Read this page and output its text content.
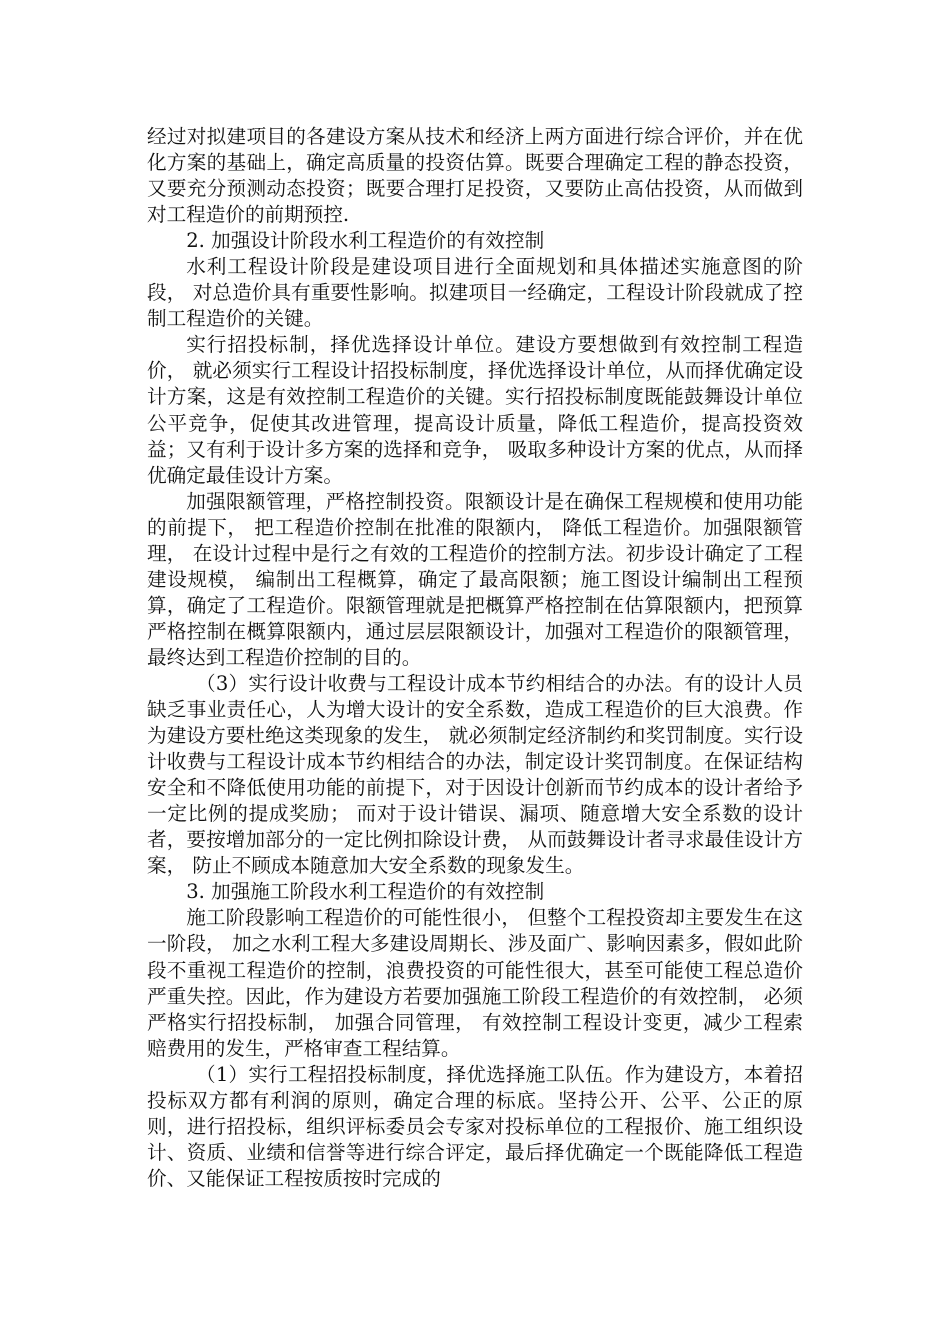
经过对拟建项目的各建设方案从技术和经济上两方面进行综合评价，并在优化方案的基础上，确定高质量的投资估算。既要合理确定工程的静态投资，又要充分预测动态投资；既要合理打足投资，又要防止高估投资，从而做到对工程造价的前期预控.

2. 加强设计阶段水利工程造价的有效控制

水利工程设计阶段是建设项目进行全面规划和具体描述实施意图的阶段， 对总造价具有重要性影响。拟建项目一经确定，工程设计阶段就成了控制工程造价的关键。

实行招投标制，择优选择设计单位。建设方要想做到有效控制工程造价， 就必须实行工程设计招投标制度，择优选择设计单位，从而择优确定设计方案，这是有效控制工程造价的关键。实行招投标制度既能鼓舞设计单位公平竞争，促使其改进管理，提高设计质量，降低工程造价，提高投资效益；又有利于设计多方案的选择和竞争， 吸取多种设计方案的优点，从而择优确定最佳设计方案。

加强限额管理，严格控制投资。限额设计是在确保工程规模和使用功能的前提下， 把工程造价控制在批准的限额内， 降低工程造价。加强限额管理， 在设计过程中是行之有效的工程造价的控制方法。初步设计确定了工程建设规模， 编制出工程概算，确定了最高限额；施工图设计编制出工程预算，确定了工程造价。限额管理就是把概算严格控制在估算限额内，把预算严格控制在概算限额内，通过层层限额设计，加强对工程造价的限额管理，最终达到工程造价控制的目的。

（3）实行设计收费与工程设计成本节约相结合的办法。有的设计人员缺乏事业责任心，人为增大设计的安全系数，造成工程造价的巨大浪费。作为建设方要杜绝这类现象的发生， 就必须制定经济制约和奖罚制度。实行设计收费与工程设计成本节约相结合的办法，制定设计奖罚制度。在保证结构安全和不降低使用功能的前提下，对于因设计创新而节约成本的设计者给予一定比例的提成奖励； 而对于设计错误、漏项、随意增大安全系数的设计者，要按增加部分的一定比例扣除设计费， 从而鼓舞设计者寻求最佳设计方案， 防止不顾成本随意加大安全系数的现象发生。

3. 加强施工阶段水利工程造价的有效控制

施工阶段影响工程造价的可能性很小， 但整个工程投资却主要发生在这一阶段， 加之水利工程大多建设周期长、涉及面广、影响因素多，假如此阶段不重视工程造价的控制，浪费投资的可能性很大，甚至可能使工程总造价严重失控。因此，作为建设方若要加强施工阶段工程造价的有效控制， 必须严格实行招投标制， 加强合同管理， 有效控制工程设计变更，减少工程索赔费用的发生，严格审查工程结算。

（1）实行工程招投标制度，择优选择施工队伍。作为建设方，本着招投标双方都有利润的原则，确定合理的标底。坚持公开、公平、公正的原则，进行招投标，组织评标委员会专家对投标单位的工程报价、施工组织设计、资质、业绩和信誉等进行综合评定，最后择优确定一个既能降低工程造价、又能保证工程按质按时完成的
